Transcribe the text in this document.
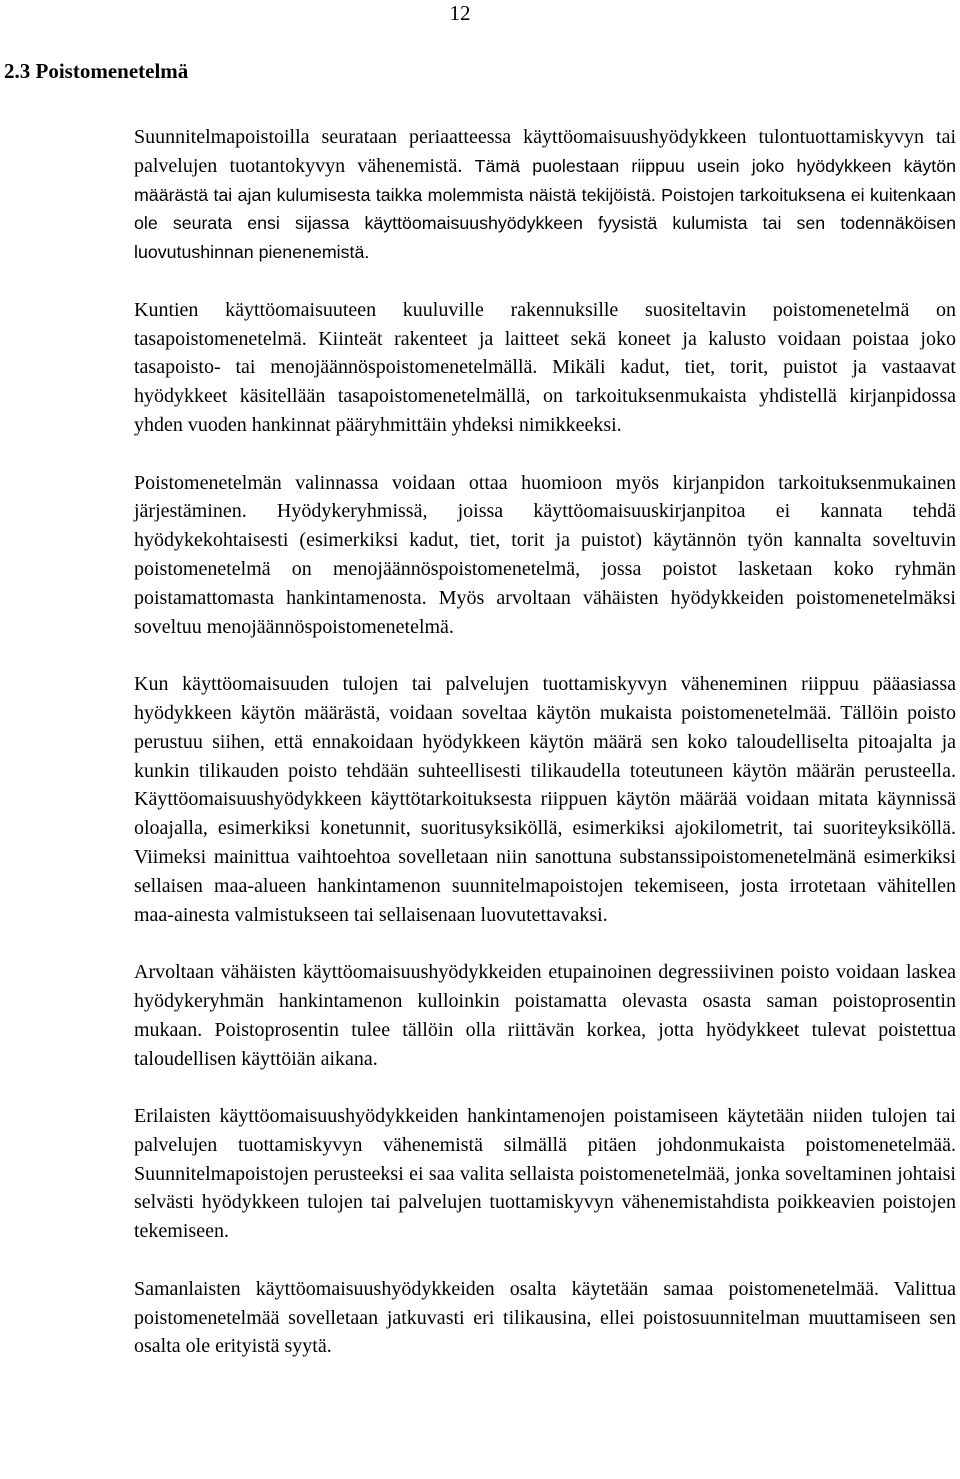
12
2.3 Poistomenetelmä

Suunnitelmapoistoilla seurataan periaatteessa käyttöomaisuushyödykkeen tulontuottamiskyvyn tai palvelujen tuotantokyvyn vähenemistä. Tämä puolestaan riippuu usein joko hyödykkeen käytön määrästä tai ajan kulumisesta taikka molemmista näistä tekijöistä. Poistojen tarkoituksena ei kuitenkaan ole seurata ensi sijassa käyttöomaisuushyödykkeen fyysistä kulumista tai sen todennäköisen luovutushinnan pienenemistä.

Kuntien käyttöomaisuuteen kuuluville rakennuksille suositeltavin poistomenetelmä on tasapoistomenetelmä. Kiinteät rakenteet ja laitteet sekä koneet ja kalusto voidaan poistaa joko tasapoisto- tai menojäännöspoistomenetelmällä. Mikäli kadut, tiet, torit, puistot ja vastaavat hyödykkeet käsitellään tasapoistomenetelmällä, on tarkoituksenmukaista yhdistellä kirjanpidossa yhden vuoden hankinnat pääryhmittäin yhdeksi nimikkeeksi.

Poistomenetelmän valinnassa voidaan ottaa huomioon myös kirjanpidon tarkoituksenmukainen järjestäminen. Hyödykeryhmissä, joissa käyttöomaisuuskirjanpitoa ei kannata tehdä hyödykekohtaisesti (esimerkiksi kadut, tiet, torit ja puistot) käytännön työn kannalta soveltuvin poistomenetelmä on menojäännöspoistomenetelmä, jossa poistot lasketaan koko ryhmän poistamattomasta hankintamenosta. Myös arvoltaan vähäisten hyödykkeiden poistomenetelmäksi soveltuu menojäännöspoistomenetelmä.

Kun käyttöomaisuuden tulojen tai palvelujen tuottamiskyvyn väheneminen riippuu pääasiassa hyödykkeen käytön määrästä, voidaan soveltaa käytön mukaista poistomenetelmää. Tällöin poisto perustuu siihen, että ennakoidaan hyödykkeen käytön määrä sen koko taloudelliselta pitoajalta ja kunkin tilikauden poisto tehdään suhteellisesti tilikaudella toteutuneen käytön määrän perusteella. Käyttöomaisuushyödykkeen käyttötarkoituksesta riippuen käytön määrää voidaan mitata käynnissä oloajalla, esimerkiksi konetunnit, suoritusyksiköllä, esimerkiksi ajokilometrit, tai suoriteyksiköllä. Viimeksi mainittua vaihtoehtoa sovelletaan niin sanottuna substanssipoistomenetelmänä esimerkiksi sellaisen maa-alueen hankintamenon suunnitelmapoistojen tekemiseen, josta irrotetaan vähitellen maa-ainesta valmistukseen tai sellaisenaan luovutettavaksi.

Arvoltaan vähäisten käyttöomaisuushyödykkeiden etupainoinen degressiivinen poisto voidaan laskea hyödykeryhmän hankintamenon kulloinkin poistamatta olevasta osasta saman poistoprosentin mukaan. Poistoprosentin tulee tällöin olla riittävän korkea, jotta hyödykkeet tulevat poistettua taloudellisen käyttöiän aikana.

Erilaisten käyttöomaisuushyödykkeiden hankintamenojen poistamiseen käytetään niiden tulojen tai palvelujen tuottamiskyvyn vähenemistä silmällä pitäen johdonmukaista poistomenetelmää. Suunnitelmapoistojen perusteeksi ei saa valita sellaista poistomenetelmää, jonka soveltaminen johtaisi selvästi hyödykkeen tulojen tai palvelujen tuottamiskyvyn vähenemistahdista poikkeavien poistojen tekemiseen.

Samanlaisten käyttöomaisuushyödykkeiden osalta käytetään samaa poistomenetelmää. Valittua poistomenetelmää sovelletaan jatkuvasti eri tilikausina, ellei poistosuunnitelman muuttamiseen sen osalta ole erityistä syytä.
